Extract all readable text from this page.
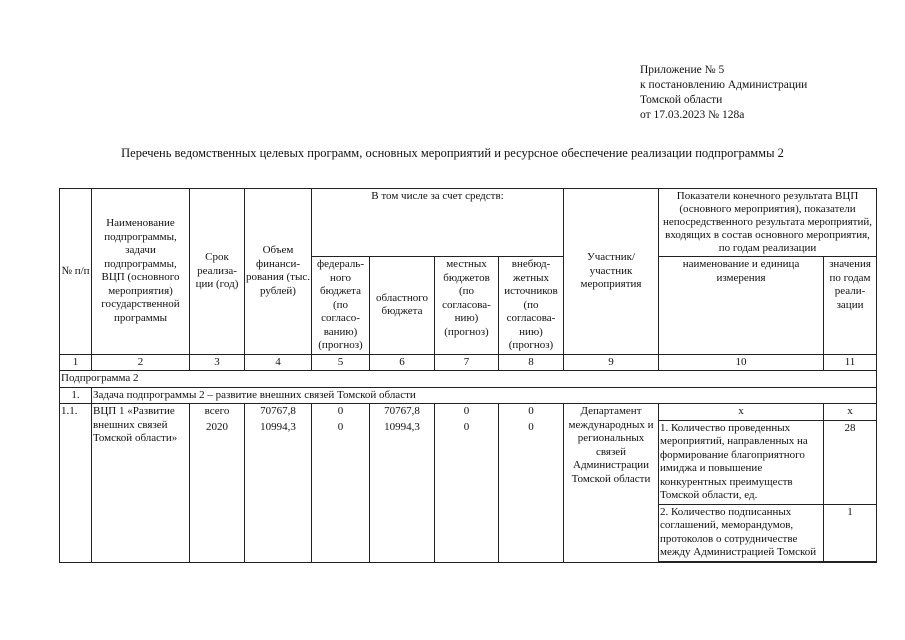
Приложение № 5
к постановлению Администрации
Томской области
от 17.03.2023 № 128а
Перечень ведомственных целевых программ, основных мероприятий и ресурсное обеспечение реализации подпрограммы 2
№ п/п	Наименование подпрограммы, задачи подпрограммы, ВЦП (основного мероприятия) государственной программы	Срок реализа-ции (год)	Объем финанси-рования (тыс. рублей)	В том числе за счет средств:				Участник/ участник мероприятия	Показатели конечного результата ВЦП (основного мероприятия), показатели непосредственного результата мероприятий, входящих в состав основного мероприятия, по годам реализации	
				федераль-ного бюджета (по согласо-ванию) (прогноз)	областного бюджета	местных бюджетов (по согласова-нию) (прогноз)	внебюд-жетных источников (по согласова-нию) (прогноз)		наименование и единица измерения	значения по годам реали-зации
1	2	3	4	5	6	7	8	9	10	11
Подпрограмма 2										
1.	Задача подпрограммы 2 – развитие внешних связей Томской области									
1.1.	ВЦП 1 «Развитие внешних связей Томской области»	всего	70767,8	0	70767,8	0	0	Департамент международных и региональных связей Администрации Томской области	х	х
		2020	10994,3	0	10994,3	0	0		1. Количество проведенных мероприятий, направленных на формирование благоприятного имиджа и повышение конкурентных преимуществ Томской области, ед.	28
									2. Количество подписанных соглашений, меморандумов, протоколов о сотрудничестве между Администрацией Томской	1
